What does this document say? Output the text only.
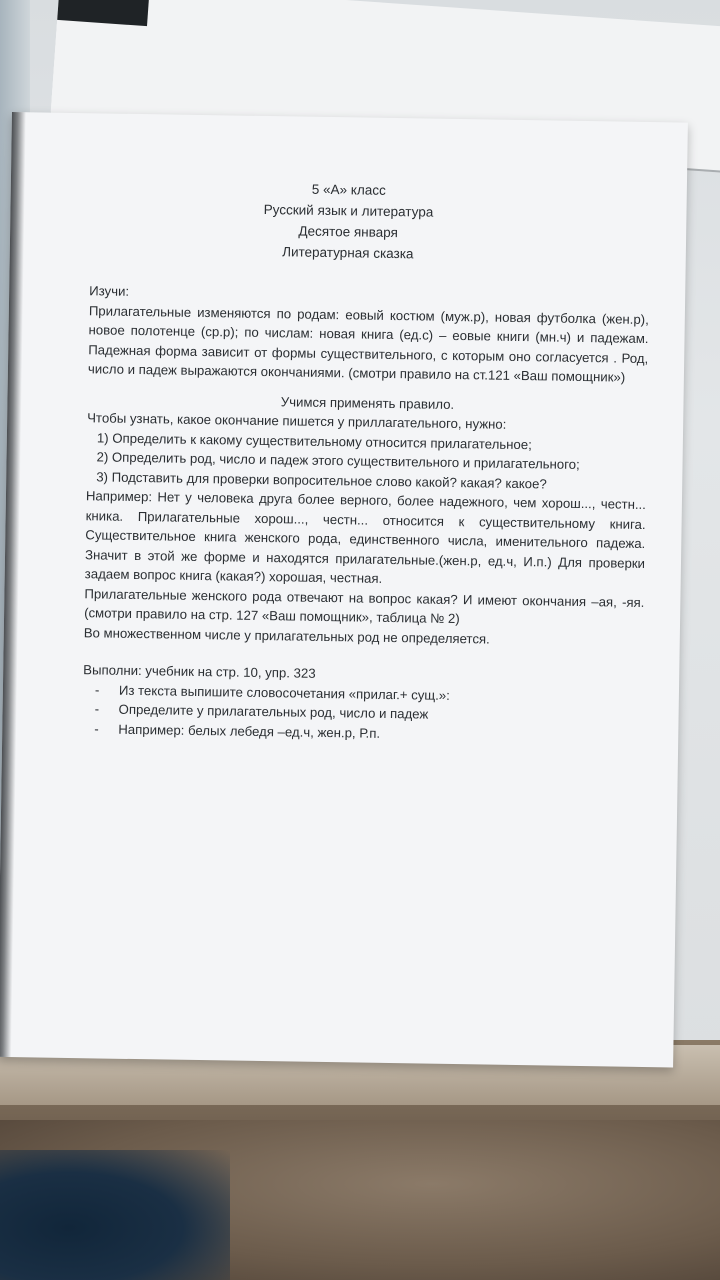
5 «А» класс
Русский язык и литература
Десятое января
Литературная сказка

Изучи:

Прилагательные изменяются по родам: еовый костюм (муж.р), новая футболка (жен.р), новое полотенце (ср.р); по числам: новая книга (ед.с) – еовые книги (мн.ч) и падежам. Падежная форма зависит от формы существительного, с которым оно согласуется . Род, число и падеж выражаются окончаниями. (смотри правило на ст.121 «Ваш помощник»)

Учимся применять правило.

Чтобы узнать, какое окончание пишется у приллагательного, нужно:

1) Определить к какому существительному относится прилагательное;
2) Определить род, число и падеж этого существительного и прилагательного;
3) Подставить для проверки вопросительное слово какой? какая? какое?

Например: Нет у человека друга более верного, более надежного, чем хорош..., честн... кника. Прилагательные хорош..., честн... относится к существительному книга. Существительное книга женского рода, единственного числа, именительного падежа. Значит в этой же форме и находятся прилагательные.(жен.р, ед.ч, И.п.) Для проверки задаем вопрос книга (какая?) хорошая, честная.

Прилагательные женского рода отвечают на вопрос какая? И имеют окончания –ая, -яя. (смотри правило на стр. 127 «Ваш помощник», таблица № 2)

Во множественном числе у прилагательных род не определяется.

Выполни: учебник на стр. 10, упр. 323

- Из текста выпишите словосочетания «прилаг.+ сущ.»:
- Определите у прилагательных род, число и падеж
- Например: белых лебедя –ед.ч, жен.р, Р.п.
